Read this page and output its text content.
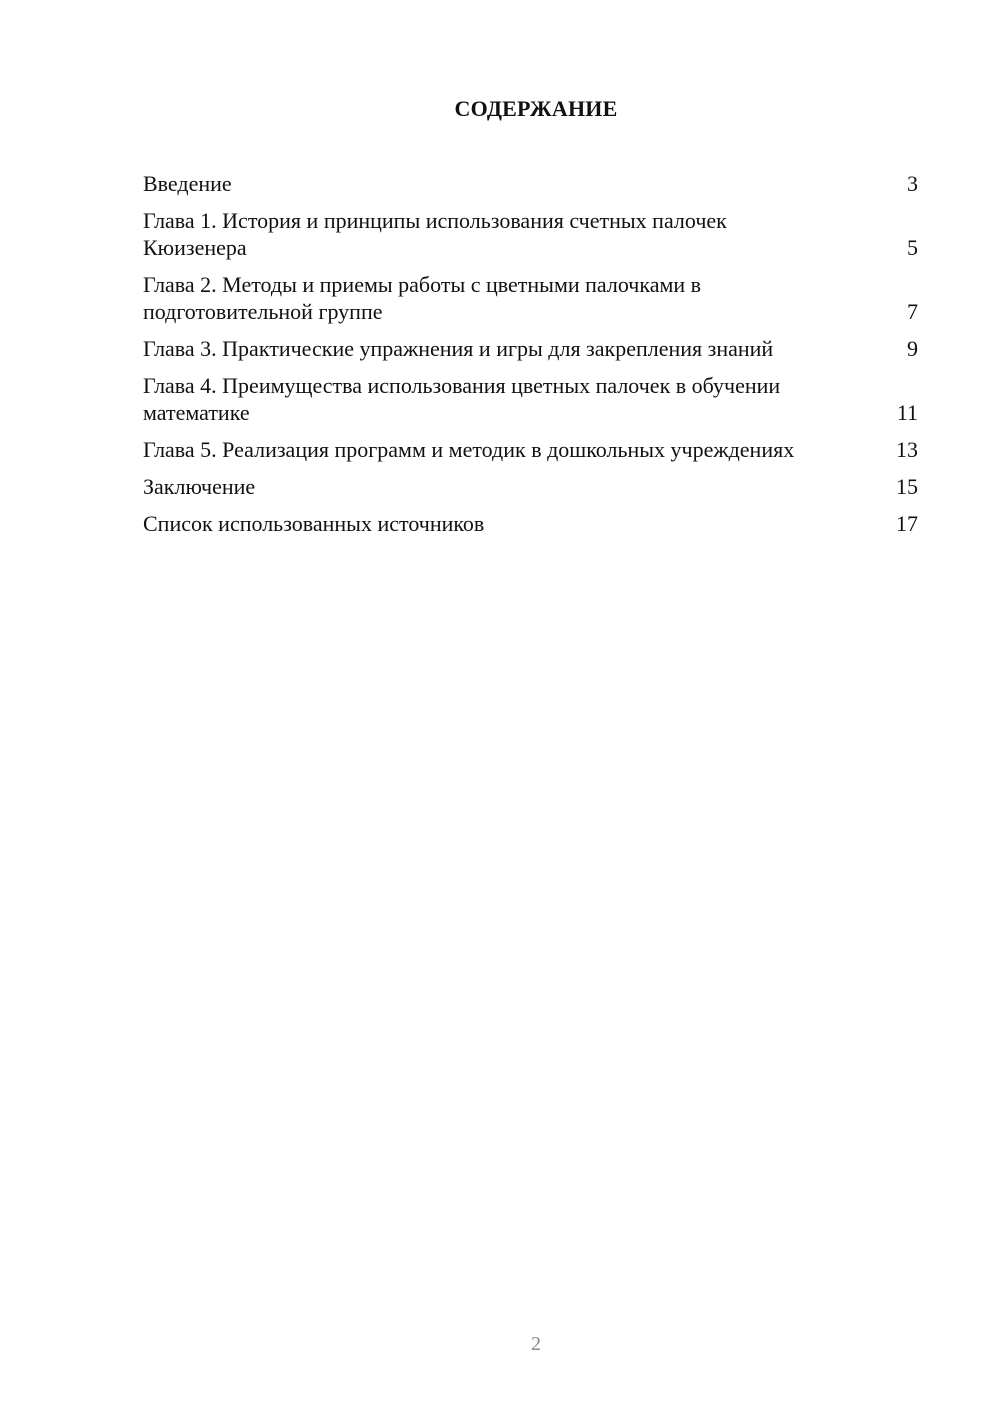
СОДЕРЖАНИЕ
Введение	3
Глава 1. История и принципы использования счетных палочек Кюизенера	5
Глава 2. Методы и приемы работы с цветными палочками в подготовительной группе	7
Глава 3. Практические упражнения и игры для закрепления знаний	9
Глава 4. Преимущества использования цветных палочек в обучении математике	11
Глава 5. Реализация программ и методик в дошкольных учреждениях	13
Заключение	15
Список использованных источников	17
2
